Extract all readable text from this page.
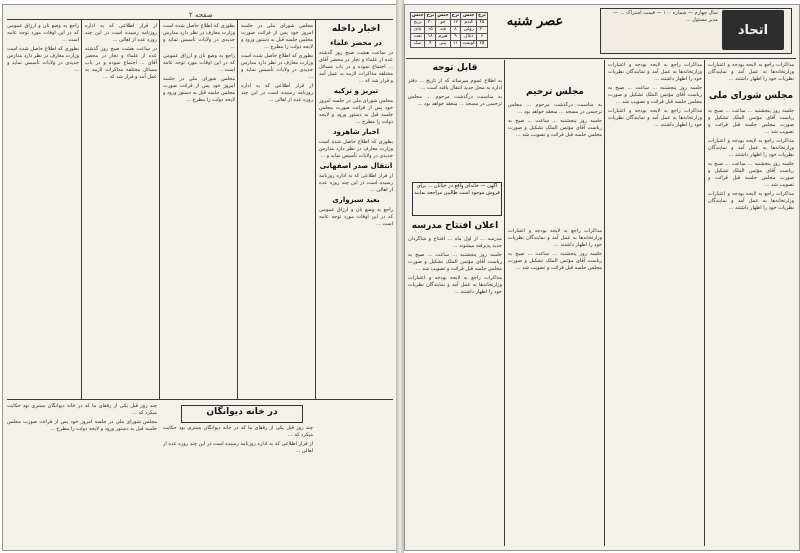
صفحه ۲
اخبار داخله

در محضر علماء

در ساعت هشت صبح روز گذشته عده از علماء و تجار در محضر آقای ... اجتماع نموده و در باب مسائل مختلفه مذاکرات لازمه به عمل آمد و قرار شد که ...

تبریز و ترکیه

مجلس شورای ملی در جلسه امروز خود پس از قرائت صورت مجلس جلسه قبل به دستور ورود و لایحه دولت را مطرح ...

اخبار شاهرود

بطوری که اطلاع حاصل شده است وزارت معارف در نظر دارد مدارس جدیدی در ولایات تأسیس نماید و ...

انتقال صدر اصفهانی

از قرار اطلاعی که به اداره روزنامه رسیده است در این چند روزه عده از اهالی ...

بعید سبزواری

راجع به وضع نان و ارزاق عمومی که در این اوقات مورد توجه عامه است ...

مجلس شورای ملی در جلسه امروز خود پس از قرائت صورت مجلس جلسه قبل به دستور ورود و لایحه دولت را مطرح ...

بطوری که اطلاع حاصل شده است وزارت معارف در نظر دارد مدارس جدیدی در ولایات تأسیس نماید و ...

از قرار اطلاعی که به اداره روزنامه رسیده است در این چند روزه عده از اهالی ...

بطوری که اطلاع حاصل شده است وزارت معارف در نظر دارد مدارس جدیدی در ولایات تأسیس نماید و ...

راجع به وضع نان و ارزاق عمومی که در این اوقات مورد توجه عامه است ...

مجلس شورای ملی در جلسه امروز خود پس از قرائت صورت مجلس جلسه قبل به دستور ورود و لایحه دولت را مطرح ...

از قرار اطلاعی که به اداره روزنامه رسیده است در این چند روزه عده از اهالی ...

در ساعت هشت صبح روز گذشته عده از علماء و تجار در محضر آقای ... اجتماع نموده و در باب مسائل مختلفه مذاکرات لازمه به عمل آمد و قرار شد که ...

راجع به وضع نان و ارزاق عمومی که در این اوقات مورد توجه عامه است ...

بطوری که اطلاع حاصل شده است وزارت معارف در نظر دارد مدارس جدیدی در ولایات تأسیس نماید و ...

در خانه دیوانگان

چند روز قبل یکی از رفقای ما که در خانه دیوانگان بستری بود حکایت میکرد که ...

مجلس شورای ملی در جلسه امروز خود پس از قرائت صورت مجلس جلسه قبل به دستور ورود و لایحه دولت را مطرح ... چند روز قبل یکی از رفقای ما که در خانه دیوانگان بستری بود حکایت میکرد که ...

از قرار اطلاعی که به اداره روزنامه رسیده است در این چند روزه عده از اهالی ...

اتحاد
سال چهارم — شماره ۱۰۰ — قیمت اشتراک ... — مدیر مسئول ...
عصر شنبه
نرخ	جنس	نرخ	جنس	نرخ	جنس
۴۵	گندم	۱۲	جو	۳۰	برنج
۲۰	روغن	۸	قند	۱۵	چای
۶	ذغال	۹	هیزم	۱۸	نفت
۲۵	گوشت	۱۱	پنیر	۴	نمک
مجلس شورای ملی

مذاکرات راجع به لایحه بودجه و اعتبارات وزارتخانه‌ها به عمل آمد و نمایندگان نظریات خود را اظهار داشتند ...

جلسه روز پنجشنبه ... ساعت ... صبح به ریاست آقای مؤتمن الملک تشکیل و صورت مجلس جلسه قبل قرائت و تصویب شد ...

مذاکرات راجع به لایحه بودجه و اعتبارات وزارتخانه‌ها به عمل آمد و نمایندگان نظریات خود را اظهار داشتند ...

جلسه روز پنجشنبه ... ساعت ... صبح به ریاست آقای مؤتمن الملک تشکیل و صورت مجلس جلسه قبل قرائت و تصویب شد ...

مذاکرات راجع به لایحه بودجه و اعتبارات وزارتخانه‌ها به عمل آمد و نمایندگان نظریات خود را اظهار داشتند ...

مذاکرات راجع به لایحه بودجه و اعتبارات وزارتخانه‌ها به عمل آمد و نمایندگان نظریات خود را اظهار داشتند ...

جلسه روز پنجشنبه ... ساعت ... صبح به ریاست آقای مؤتمن الملک تشکیل و صورت مجلس جلسه قبل قرائت و تصویب شد ...

مذاکرات راجع به لایحه بودجه و اعتبارات وزارتخانه‌ها به عمل آمد و نمایندگان نظریات خود را اظهار داشتند ...

مجلس ترحیم

به مناسبت درگذشت مرحوم ... مجلس ترحیمی در مسجد ... منعقد خواهد بود ...

جلسه روز پنجشنبه ... ساعت ... صبح به ریاست آقای مؤتمن الملک تشکیل و صورت مجلس جلسه قبل قرائت و تصویب شد ...

مذاکرات راجع به لایحه بودجه و اعتبارات وزارتخانه‌ها به عمل آمد و نمایندگان نظریات خود را اظهار داشتند ...

جلسه روز پنجشنبه ... ساعت ... صبح به ریاست آقای مؤتمن الملک تشکیل و صورت مجلس جلسه قبل قرائت و تصویب شد ...

قابل توجه

به اطلاع عموم میرساند که از تاریخ ... دفتر اداره به محل جدید انتقال یافته است ...

به مناسبت درگذشت مرحوم ... مجلس ترحیمی در مسجد ... منعقد خواهد بود ...

آگهی — خانه‌ای واقع در خیابان ... برای فروش موجود است طالبین مراجعه نمایند
اعلان افتتاح مدرسه

مدرسه ... از اول ماه ... افتتاح و شاگردان جدید پذیرفته میشوند ...

جلسه روز پنجشنبه ... ساعت ... صبح به ریاست آقای مؤتمن الملک تشکیل و صورت مجلس جلسه قبل قرائت و تصویب شد ...

مذاکرات راجع به لایحه بودجه و اعتبارات وزارتخانه‌ها به عمل آمد و نمایندگان نظریات خود را اظهار داشتند ...
